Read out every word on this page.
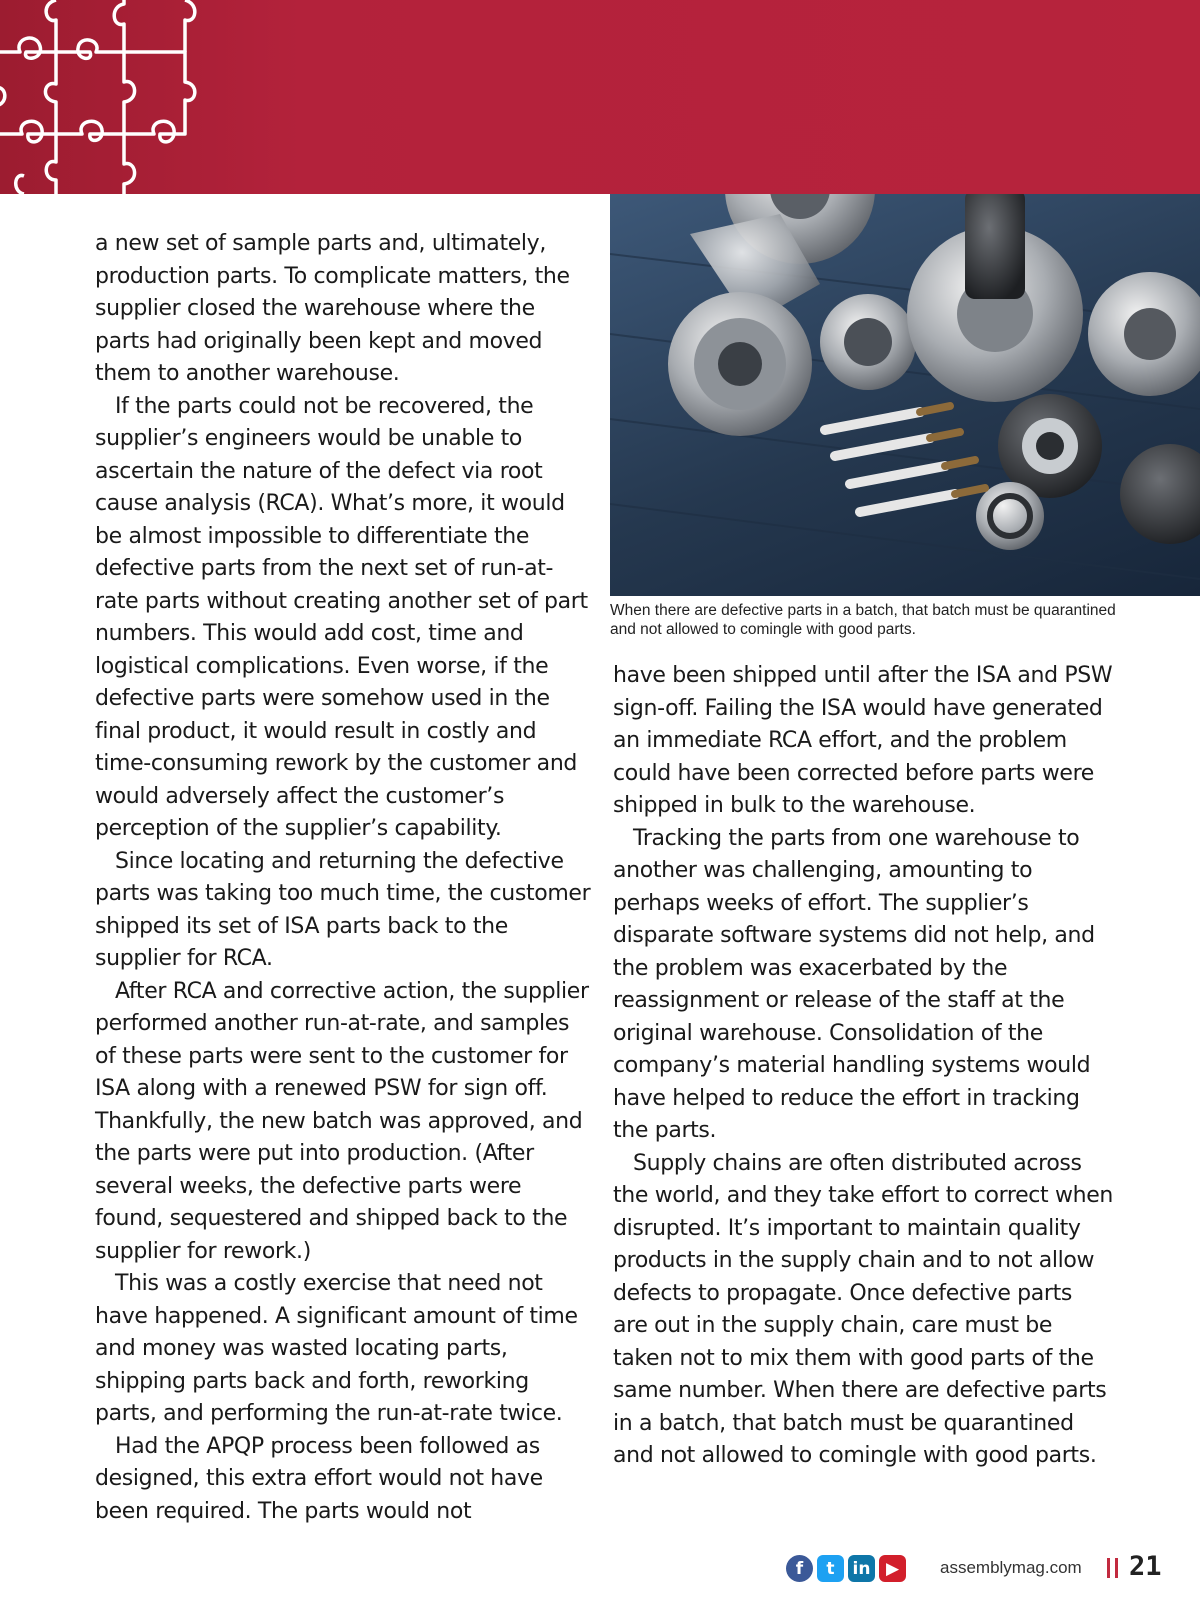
When there are defective parts in a batch, that batch must be quarantined and not allowed to comingle with good parts.

a new set of sample parts and, ultimately, production parts. To complicate matters, the supplier closed the warehouse where the parts had originally been kept and moved them to another warehouse.

If the parts could not be recovered, the supplier’s engineers would be unable to ascertain the nature of the defect via root cause analysis (RCA). What’s more, it would be almost impossible to differentiate the defective parts from the next set of run-at-rate parts without creating another set of part numbers. This would add cost, time and logistical complications. Even worse, if the defective parts were somehow used in the final product, it would result in costly and time-consuming rework by the customer and would adversely affect the customer’s perception of the supplier’s capability.

Since locating and returning the defective parts was taking too much time, the customer shipped its set of ISA parts back to the supplier for RCA.

After RCA and corrective action, the supplier performed another run-at-rate, and samples of these parts were sent to the customer for ISA along with a renewed PSW for sign off. Thankfully, the new batch was approved, and the parts were put into production. (After several weeks, the defective parts were found, sequestered and shipped back to the supplier for rework.)

This was a costly exercise that need not have happened. A significant amount of time and money was wasted locating parts, shipping parts back and forth, reworking parts, and performing the run-at-rate twice.

Had the APQP process been followed as designed, this extra effort would not have been required. The parts would not

have been shipped until after the ISA and PSW sign-off. Failing the ISA would have generated an immediate RCA effort, and the problem could have been corrected before parts were shipped in bulk to the warehouse.

Tracking the parts from one warehouse to another was challenging, amounting to perhaps weeks of effort. The supplier’s disparate software systems did not help, and the problem was exacerbated by the reassignment or release of the staff at the original warehouse. Consolidation of the company’s material handling systems would have helped to reduce the effort in tracking the parts.

Supply chains are often distributed across the world, and they take effort to correct when disrupted. It’s important to maintain quality products in the supply chain and to not allow defects to propagate. Once defective parts are out in the supply chain, care must be taken not to mix them with good parts of the same number. When there are defective parts in a batch, that batch must be quarantined and not allowed to comingle with good parts.

f	t	in ▶	assemblymag.com 21
